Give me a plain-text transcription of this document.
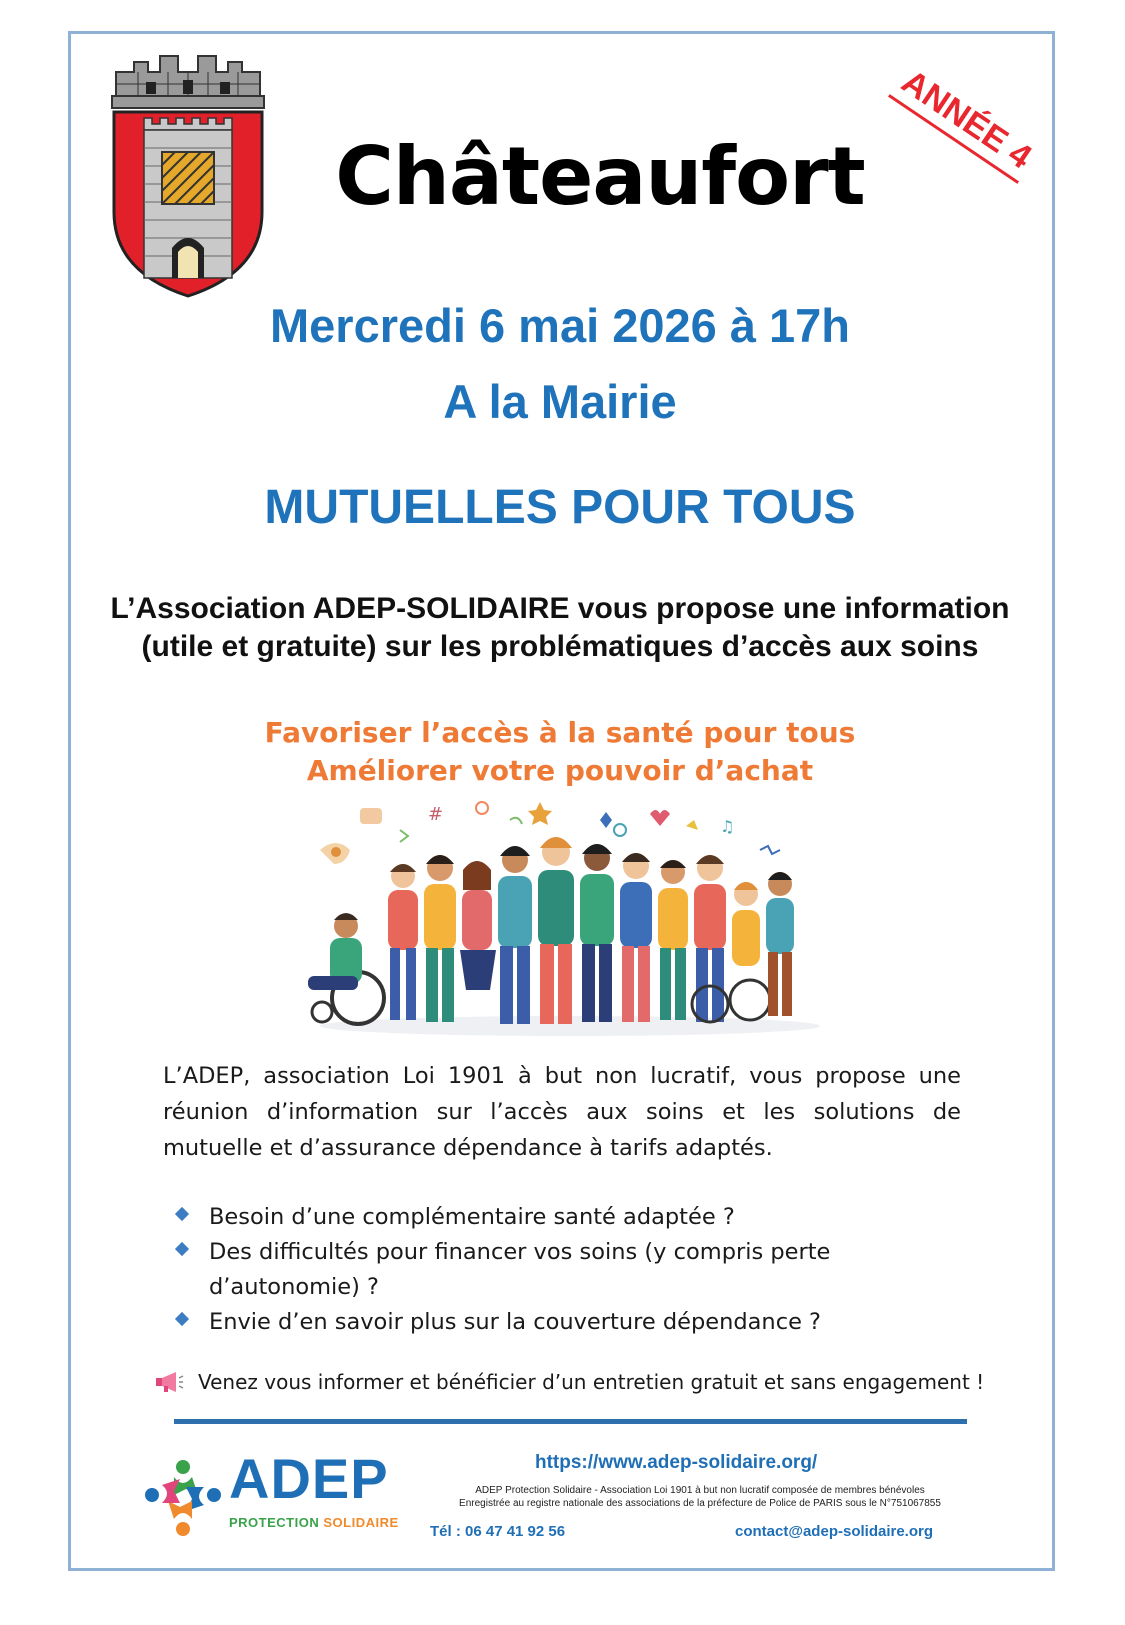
Châteaufort
ANNÉE 4
Mercredi 6 mai 2026 à 17h
A la Mairie
MUTUELLES POUR TOUS
L’Association ADEP-SOLIDAIRE vous propose une information
(utile et gratuite) sur les problématiques d’accès aux soins
Favoriser l’accès à la santé pour tous
Améliorer votre pouvoir d’achat
#
♫
L’ADEP, association Loi 1901 à but non lucratif, vous propose une réunion d’information sur l’accès aux soins et les solutions de mutuelle et d’assurance dépendance à tarifs adaptés.
Besoin d’une complémentaire santé adaptée ?
Des difficultés pour financer vos soins (y compris perte d’autonomie) ?
Envie d’en savoir plus sur la couverture dépendance ?
Venez vous informer et bénéficier d’un entretien gratuit et sans engagement !
ADEP
PROTECTION SOLIDAIRE
https://www.adep-solidaire.org/
ADEP Protection Solidaire - Association Loi 1901 à but non lucratif composée de membres bénévoles
Enregistrée au registre nationale des associations de la préfecture de Police de PARIS sous le N°751067855
Tél : 06 47 41 92 56	contact@adep-solidaire.org
